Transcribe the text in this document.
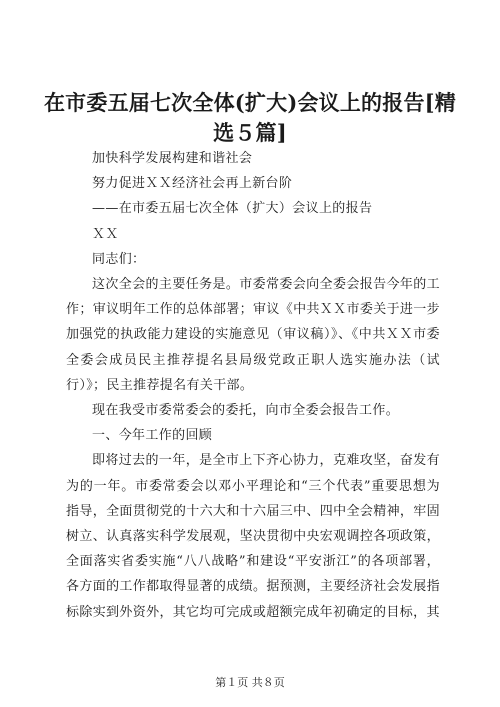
在市委五届七次全体(扩大)会议上的报告[精选５篇]

加快科学发展构建和谐社会

努力促进ＸＸ经济社会再上新台阶

——在市委五届七次全体（扩大）会议上的报告

ＸＸ

同志们：

这次全会的主要任务是。市委常委会向全委会报告今年的工作；审议明年工作的总体部署；审议《中共ＸＸ市委关于进一步加强党的执政能力建设的实施意见（审议稿）》、《中共ＸＸ市委全委会成员民主推荐提名县局级党政正职人选实施办法（试行）》；民主推荐提名有关干部。

现在我受市委常委会的委托，向市全委会报告工作。

一、今年工作的回顾

即将过去的一年，是全市上下齐心协力，克难攻坚，奋发有为的一年。市委常委会以邓小平理论和“三个代表”重要思想为指导，全面贯彻党的十六大和十六届三中、四中全会精神，牢固树立、认真落实科学发展观，坚决贯彻中央宏观调控各项政策，全面落实省委实施“八八战略”和建设“平安浙江”的各项部署，各方面的工作都取得显著的成绩。据预测，主要经济社会发展指标除实到外资外，其它均可完成或超额完成年初确定的目标，其

第１页 共８页
